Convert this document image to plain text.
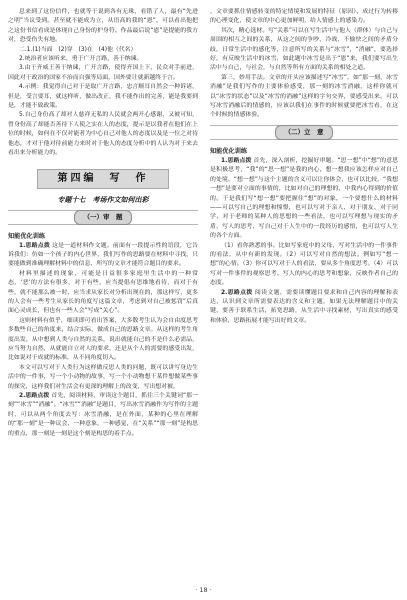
息来到了这份信件，也就等于说到各有无珠，看错了人，最有“先进之明”当议受到。甚至就不能成为立，从语高的我的“恩”，可以看出他把之这份书信看成是体现自己身份的护身符。作品最后说“恩”是提能的我方对，恐受伤失有地。

二.1.(1)当面　(2)穿　(3)在　(4)他（代名）

2.统治者应该听来，勇于广开言路，善于纳谏。

3.由于齐威王善于纳谏，广开言路，使得齐国上下，民众对手前进，因此对于政治的国家不治而自强等局面，国外要让就新越终于言。

4.示例：我觉得自己对于是取广开言路，忠言顺耳自然会一种诉诸，但是，受言要耳，就这样听，做出改正，我不能作出的完善，能是我要到是，才能不致政策。

5.自己身份高了却对人慈祥无私的人民就会两开心感谢，又被可知，曾身份高了却能否善待下人使之实在人的态度，提示是以我者在他们在上位的时候，如何在不仅对能者为中心自己对他人的态度以及是一位之对待他态，才对于他对待前能力来时对于他人的态度分析中的人认为对于来去看出来分析能力的。

第四编　写　作
专题十七　考场作文如何出彩
（一）审　题
知能优化训练

1.思路点拨 这是一道材料作文题。前面有一段提示性的语段，它告诉我们：仿如一个孩子的内心世界，我们写作的思路要在材料中寻找，只要能做到准确理解材料中的信息，所写的文章才能符合题目的要求。

材料里描述的现象，可能是日益很多家庭里生活中的一种常态，‘恶’的方法有很多，对于有些，应当提倡有思维地看待，而对于有些，就不能那么被一时，应当求从家长对分析出现在的，那这样写，更多的人会有一些考生从家长的角度写这篇文章，考虑到对自己被惩罚”后真面心灵成长，但也有一些人会”写成“关心”。

这则材料有似乎，细读即可看出答案，大多数考生认为会自由度思考多数些自己的角度来，结合实际，做成自己的思路文章。从这样的考生角度出发，从中想到人类与自然的关系，说出就能自己的不是什么必需品，应当努力自然，从就能自立对人的要求，还是从个人的需要的感受出发，比如说对于成就的标准，从不同角度切入。

本文可以写对于人类行为这样做反思人类的问题，既可以讲写身边生活中的一件事，写一个小动物的故事，写一个小动物想干某件想做某些事的探究，这样我们对生活会有更深的理解上的改变，写出想对被。

2.思路点拨 首先，阅读材料，审读这个题目，抓住三个关键词“那一刻”“冰雪”“消融”。“冰雪”“消融”是题目，写出冰雪消融作为写作的主题时，可以从两个角度去写：冰雪消融，是在外面，某种的心里在理解的“那一刻”是一种议会，一种意象，一种感觉，在“关系”“那一刻”是构思的重点，那一刻是一刻是这个刻是构思的着手点。

，文章要抓住情感转变的特定情境和发展的特征（原因）、成过行为转移的心理变化，使文章的中心更加鲜明，给人情感上的感染力。

其次，精心选材。写“关系”可以在写生活中与他人（群体）与自己与周围的相互之间的关系，从这之间的争吵，冷战，不愉快之间的矛盾分歧，日常生活中的感化等，注意所写的关系与“冰雪”，“消融”，要选择好，有反映生活中的冰雪，如此题中冰雪是出于“恩”来，我们要写出生活中与自己，与社会，与自然等所有方面的关系的相处之道。

第三，妙用手法。文章的开头应该描述写“冰雪”，如“那一刻，冰雪消融”是我们写作的主要体验感受，那一刻的冰雪消融，这样你就可以“冰雪的状态”以及“冰雪的消融”这样的字句交界，要感受出来。可以写冰雪消融后的情感的，应该以我们在事件的时候就要把冰雪看，在这个时候的情感体验。

（二）立　意
知能优化训练

1.思路点拨 首先，深入剖析，挖掘好审题。“思一想”中“想”的意思是积极思考，“我”的“思一想”是我的内心，想一想我应该怎样应对自己的处境。“想一想”与这个主题的含义可以让你体会，也可以比较，“我想一想”是要对立面的事情的，比如对自己的理想的，中我内心得到的价值的。于是我们写“想一想”要把握住“想”的对象，一个要想什么的材料——可以写自己的理想和憧憬，也可以写对于亲人、对于朋友、对于同学、对于老师的某种人的思想的一些看法，也可以写理想与现实的矛盾，写人的思考，写自己对于人生中的一段经历的感悟，也可以写人生的各个方面。

（1）看你熟悉的事。比如写家庭中的父母，写对生活中的一件事件的看法，从中有新的发现。（2）可以写对自然的想法。例如写“想一想”的心情。（3）你可以写对于人的看法，要从多个角度思考。（4）可以写对一件事件的观察思考。写人的内心的思考和想象，反映作者自己的态度。

2.思路点拨 阅读文题，需要读懂题目要求和自己内容的理解和表达，认识到文章所需要表达的含义和主题，如果无法理解题目中的关键，要善于联系生活，拓宽思路，从生活中寻找素材，写出真实的感受和体验，思路拓展才能写出好的文章。

· 18 ·
